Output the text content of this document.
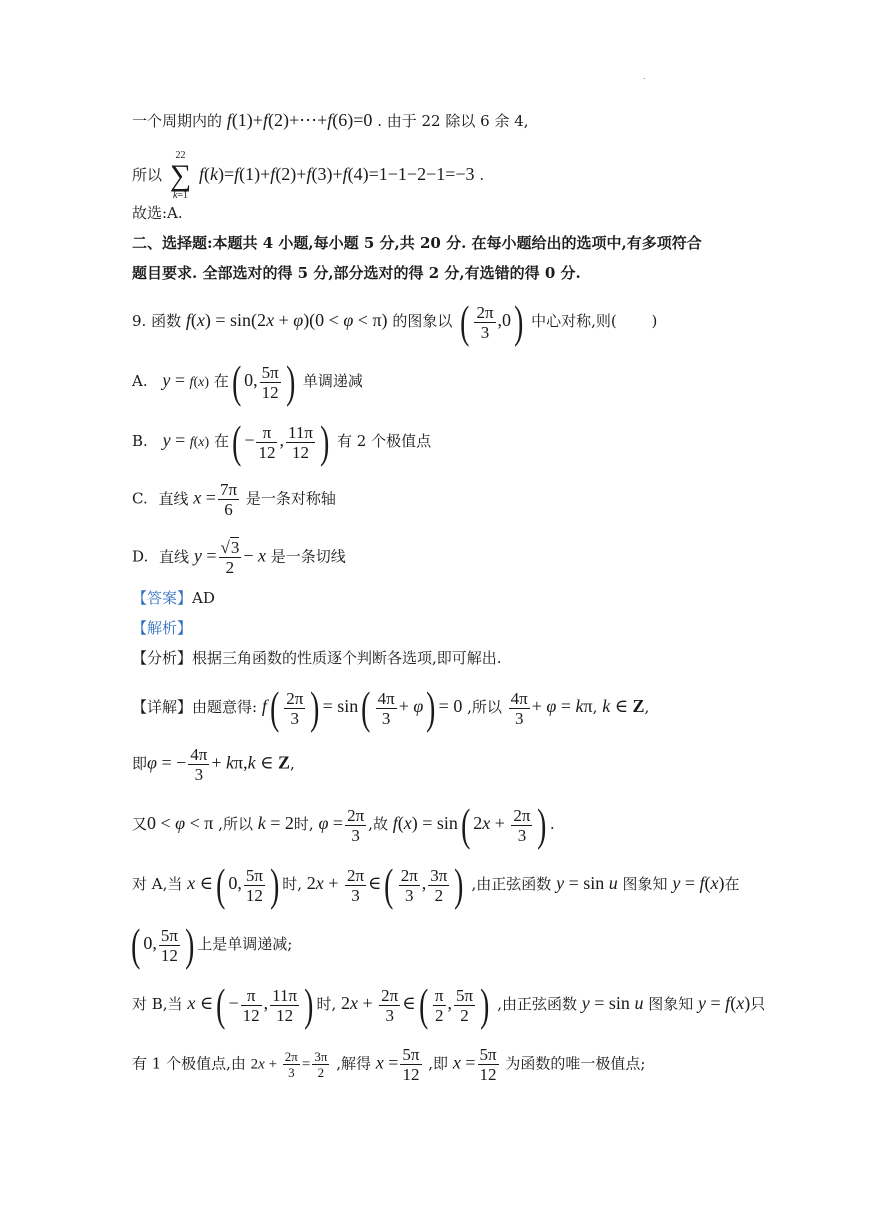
.
一个周期内的 f(1)+f(2)+⋯+f(6)=0 . 由于 22 除以 6 余 4,
所以
22
∑
k=1
f(k)=f(1)+f(2)+f(3)+f(4)=1−1−2−1=−3 .
故选:A.
二、选择题:本题共 4 小题,每小题 5 分,共 20 分. 在每小题给出的选项中,有多项符合
题目要求. 全部选对的得 5 分,部分选对的得 2 分,有选错的得 0 分.
9. 函数 f(x) = sin(2x + φ)(0 < φ < π) 的图象以 ( $\frac{2\pi}{3} ,0$) 中心对称,则( )
A. y = f(x) 在( 0, $\frac{5\pi}{12}$ ) 单调递减
B. y = f(x) 在( − $\frac{\pi}{12}$ , $\frac{11\pi}{12}$ ) 有 2 个极值点
C. 直线 $x = \frac{7\pi}{6}$ 是一条对称轴
D. 直线 $y = \frac{√3}{2} - x$ 是一条切线
【答案】AD
【解析】
【分析】根据三角函数的性质逐个判断各选项,即可解出.
【详解】由题意得: $f( \frac{2\pi}{3}$ ) = $\sin( \frac{4\pi}{3} + \varphi) = 0$ ,所以 $\frac{4\pi}{3} + \varphi = k\pi$, k ∈ Z,
即φ = − $\frac{4\pi}{3} + k\pi,k$ ∈ Z,
又0 < φ < π ,所以 k = 2时, $\varphi = \frac{2\pi}{3}$ ,故 f(x) = sin( $2x + \frac{2\pi}{3}$ ) .
对 A,当 x ∈( 0, $\frac{5\pi}{12}$ ) 时, $2x + \frac{2\pi}{3}$ ∈( $\frac{2\pi}{3}$ , $\frac{3\pi}{2}$ ) ,由正弦函数 y = sin u 图象知 y = f(x)在
( 0, $\frac{5\pi}{12}$ ) 上是单调递减;
对 B,当 x ∈( − $\frac{\pi}{12}$ , $\frac{11\pi}{12}$ ) 时, $2x + \frac{2\pi}{3}$ ∈( $\frac{\pi}{2}$ , $\frac{5\pi}{2}$ ) ,由正弦函数 y = sin u 图象知 y = f(x)只
有 1 个极值点,由 $2x + \frac{2\pi}{3} = \frac{3\pi}{2}$ ,解得 $x = \frac{5\pi}{12}$ ,即 $x = \frac{5\pi}{12}$ 为函数的唯一极值点;
